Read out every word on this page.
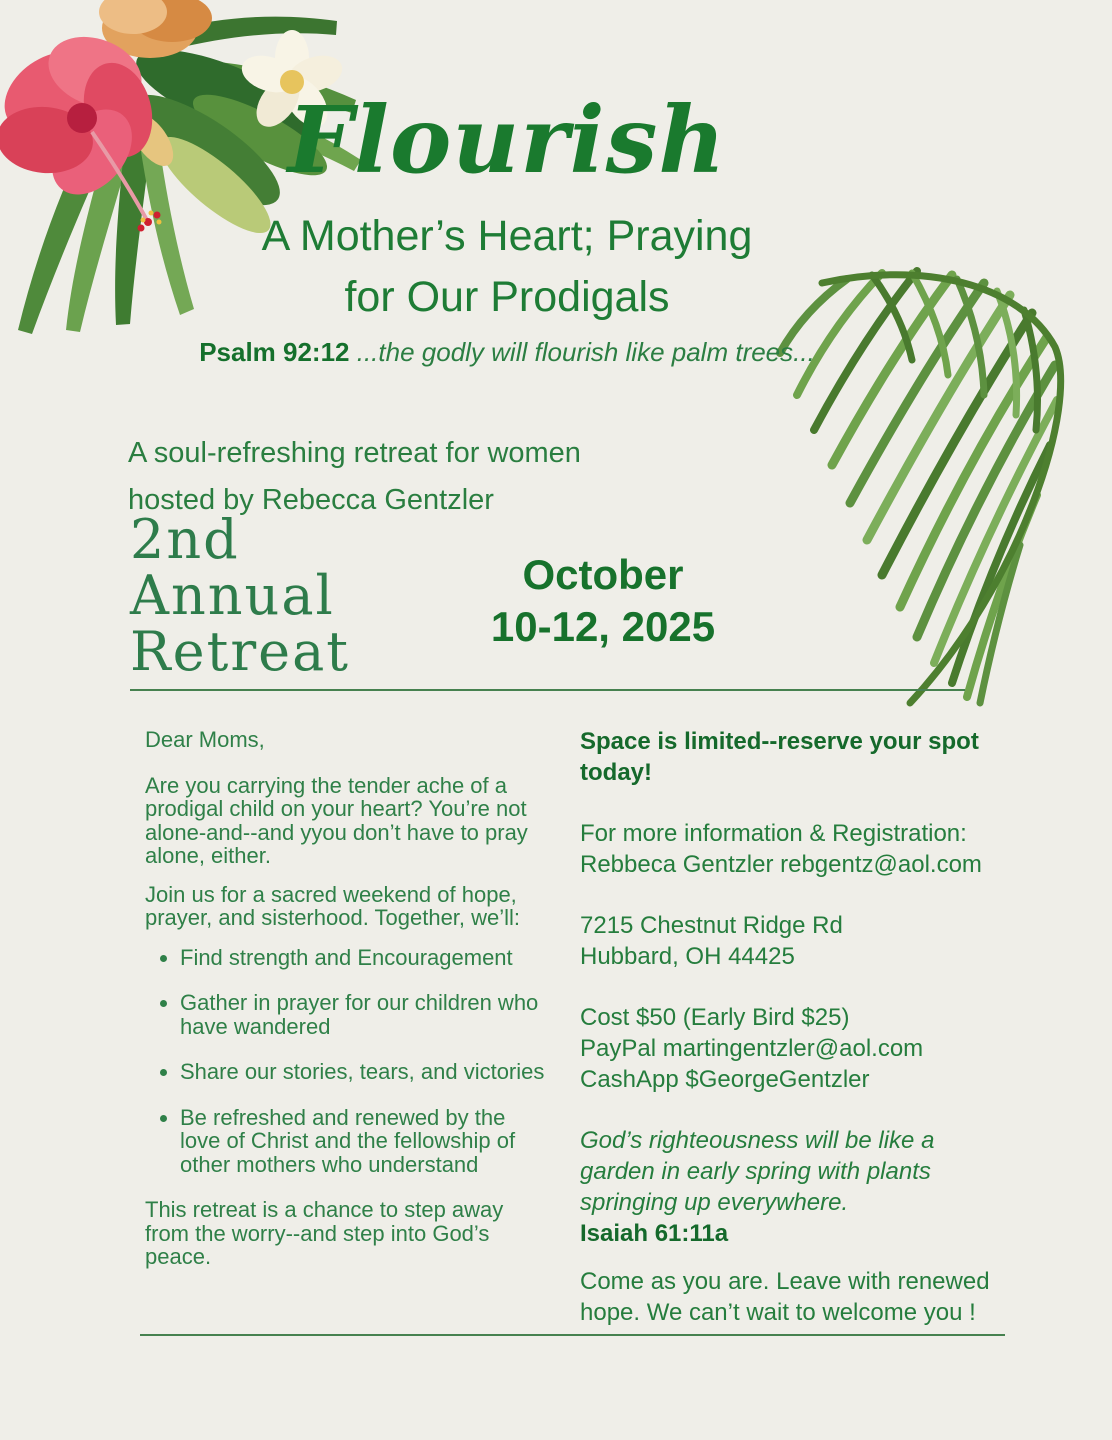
Flourish
A Mother’s Heart; Praying
for Our Prodigals
Psalm 92:12 ...the godly will flourish like palm trees...
A soul-refreshing retreat for women
hosted by Rebecca Gentzler
2nd
Annual
Retreat
October
10-12, 2025

Dear Moms,

Are you carrying the tender ache of a prodigal child on your heart? You’re not alone-and--and yyou don’t have to pray alone, either.

Join us for a sacred weekend of hope, prayer, and sisterhood. Together, we’ll:

• Find strength and Encouragement
• Gather in prayer for our children who have wandered
• Share our stories, tears, and victories
• Be refreshed and renewed by the love of Christ and the fellowship of other mothers who understand

This retreat is a chance to step away from the worry--and step into God’s peace.

Space is limited--reserve your spot today!
For more information & Registration:
Rebbeca Gentzler rebgentz@aol.com
7215 Chestnut Ridge Rd
Hubbard, OH 44425
Cost $50 (Early Bird $25)
PayPal martingentzler@aol.com
CashApp $GeorgeGentzler
God’s righteousness will be like a garden in early spring with plants springing up everywhere.
Isaiah 61:11a
Come as you are. Leave with renewed
hope. We can’t wait to welcome you !
